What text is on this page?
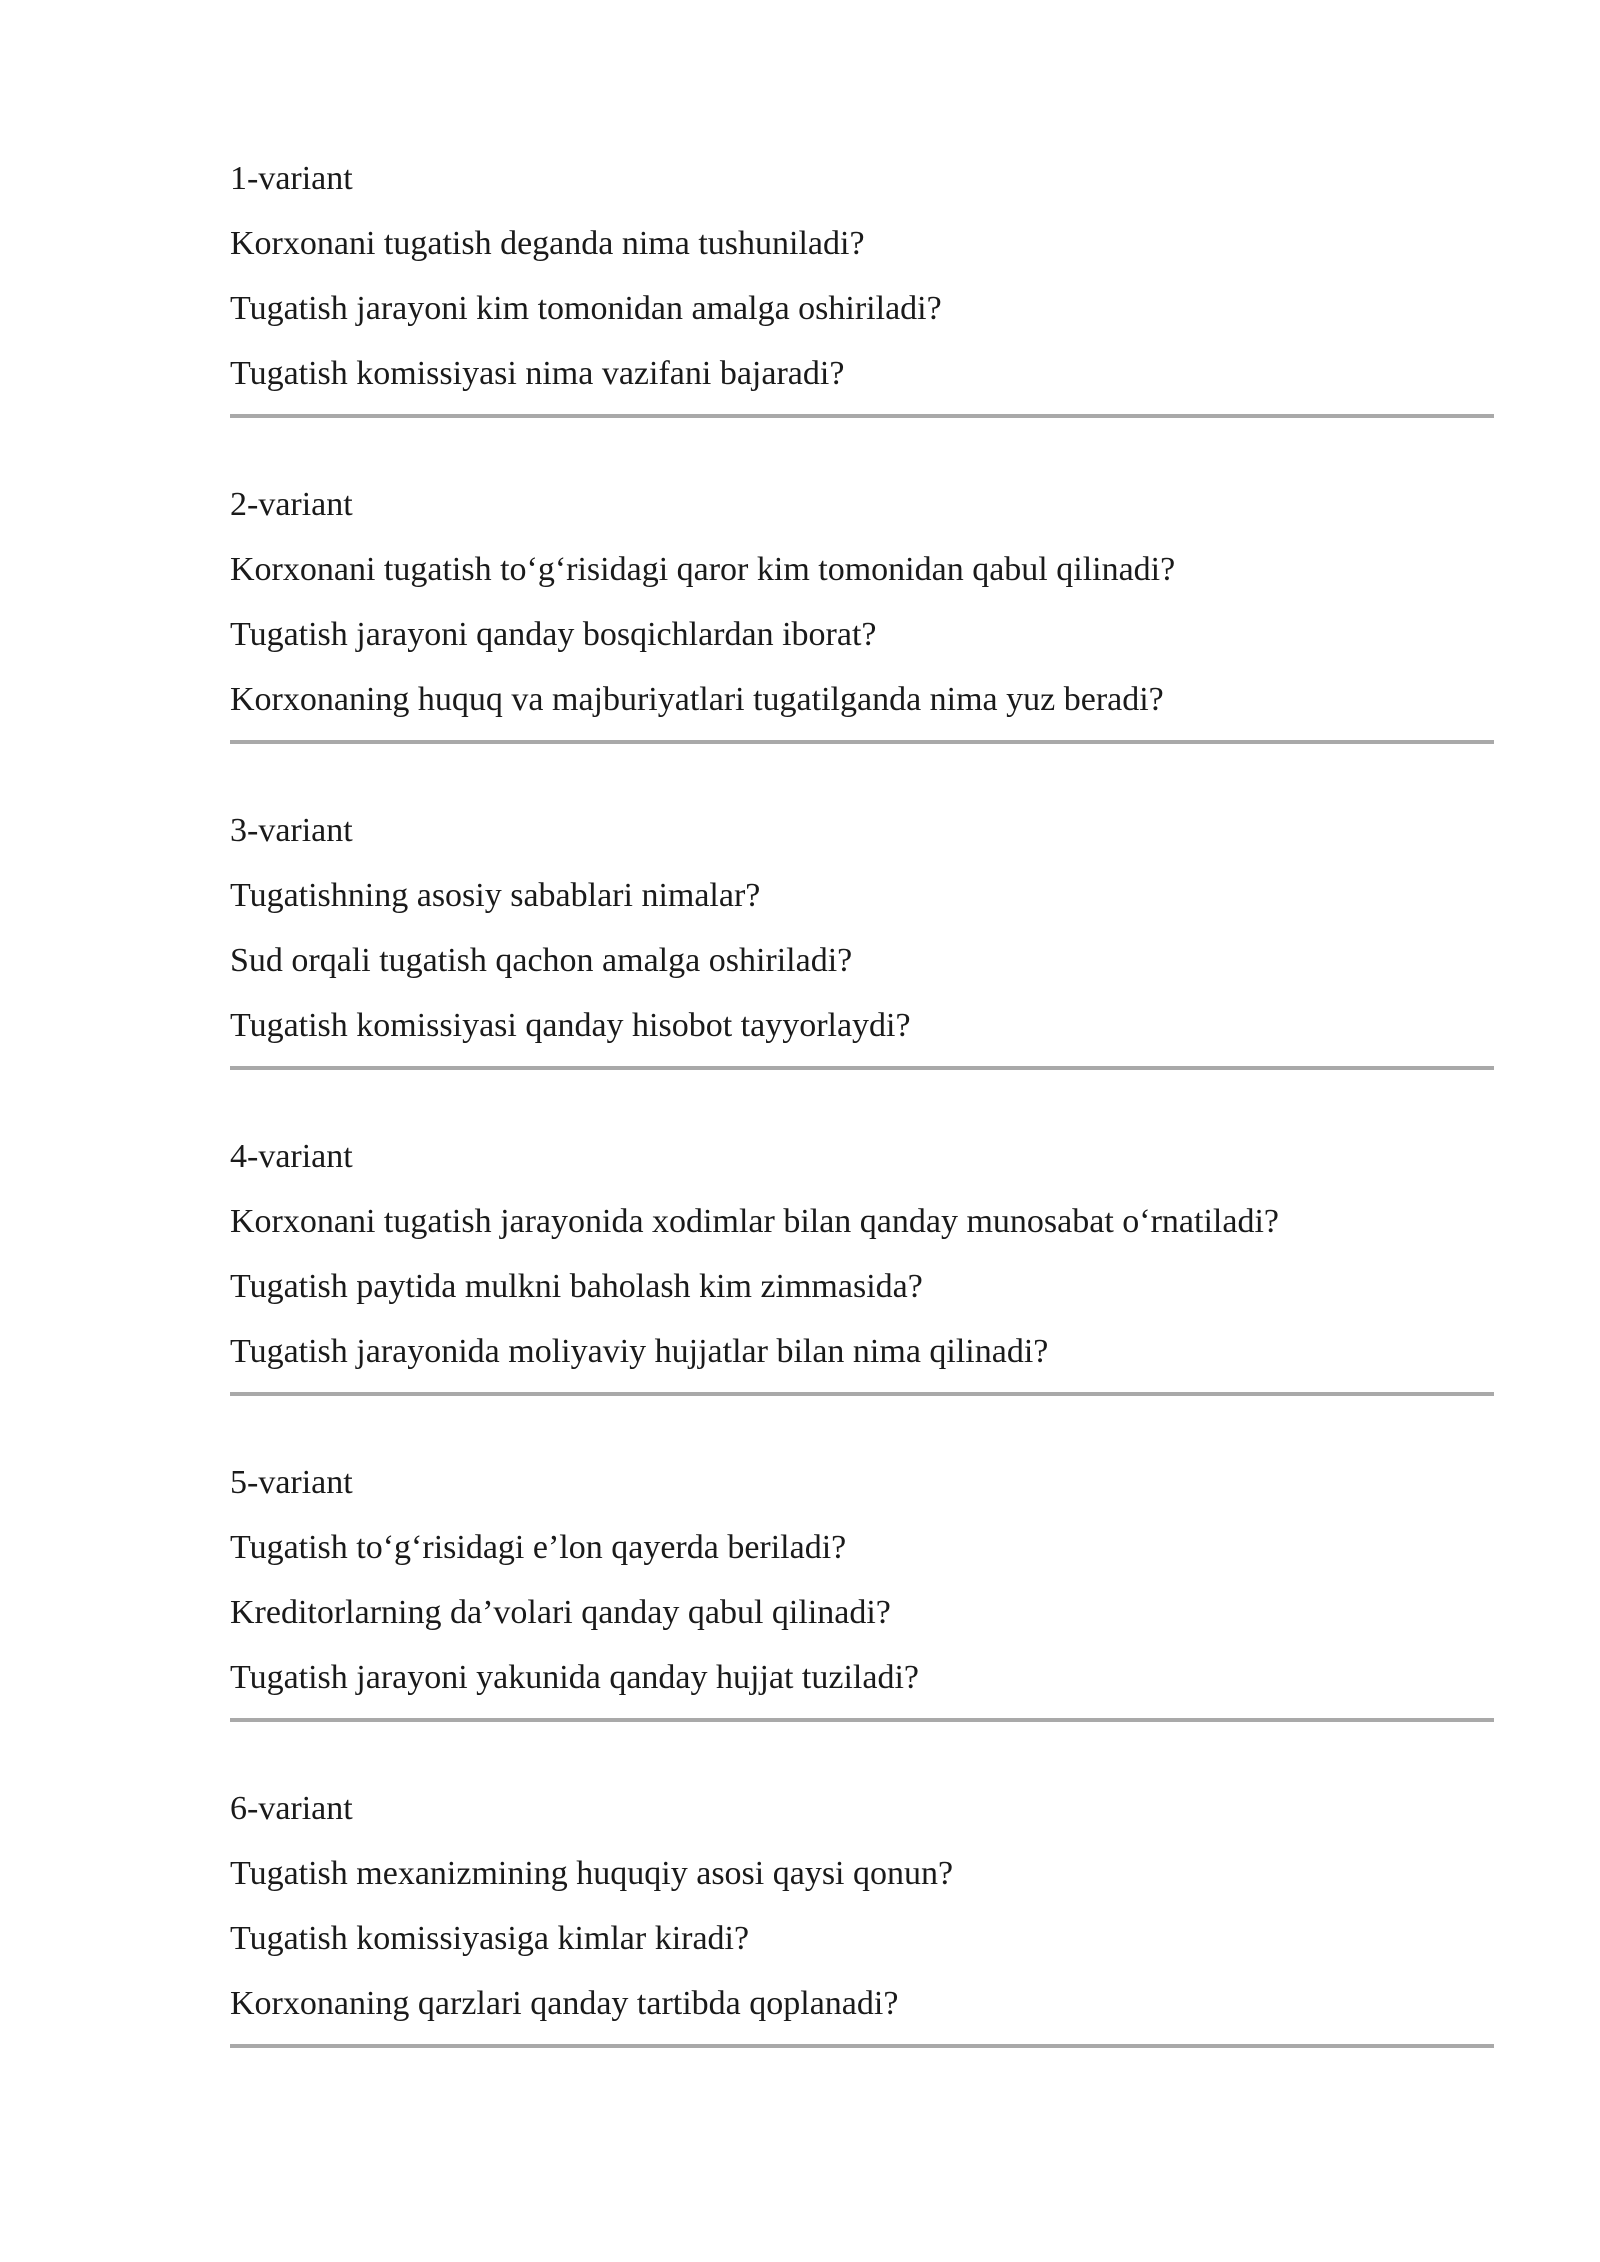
1-variant
Korxonani tugatish deganda nima tushuniladi?
Tugatish jarayoni kim tomonidan amalga oshiriladi?
Tugatish komissiyasi nima vazifani bajaradi?
2-variant
Korxonani tugatish to‘g‘risidagi qaror kim tomonidan qabul qilinadi?
Tugatish jarayoni qanday bosqichlardan iborat?
Korxonaning huquq va majburiyatlari tugatilganda nima yuz beradi?
3-variant
Tugatishning asosiy sabablari nimalar?
Sud orqali tugatish qachon amalga oshiriladi?
Tugatish komissiyasi qanday hisobot tayyorlaydi?
4-variant
Korxonani tugatish jarayonida xodimlar bilan qanday munosabat o‘rnatiladi?
Tugatish paytida mulkni baholash kim zimmasida?
Tugatish jarayonida moliyaviy hujjatlar bilan nima qilinadi?
5-variant
Tugatish to‘g‘risidagi e’lon qayerda beriladi?
Kreditorlarning da’volari qanday qabul qilinadi?
Tugatish jarayoni yakunida qanday hujjat tuziladi?
6-variant
Tugatish mexanizmining huquqiy asosi qaysi qonun?
Tugatish komissiyasiga kimlar kiradi?
Korxonaning qarzlari qanday tartibda qoplanadi?
